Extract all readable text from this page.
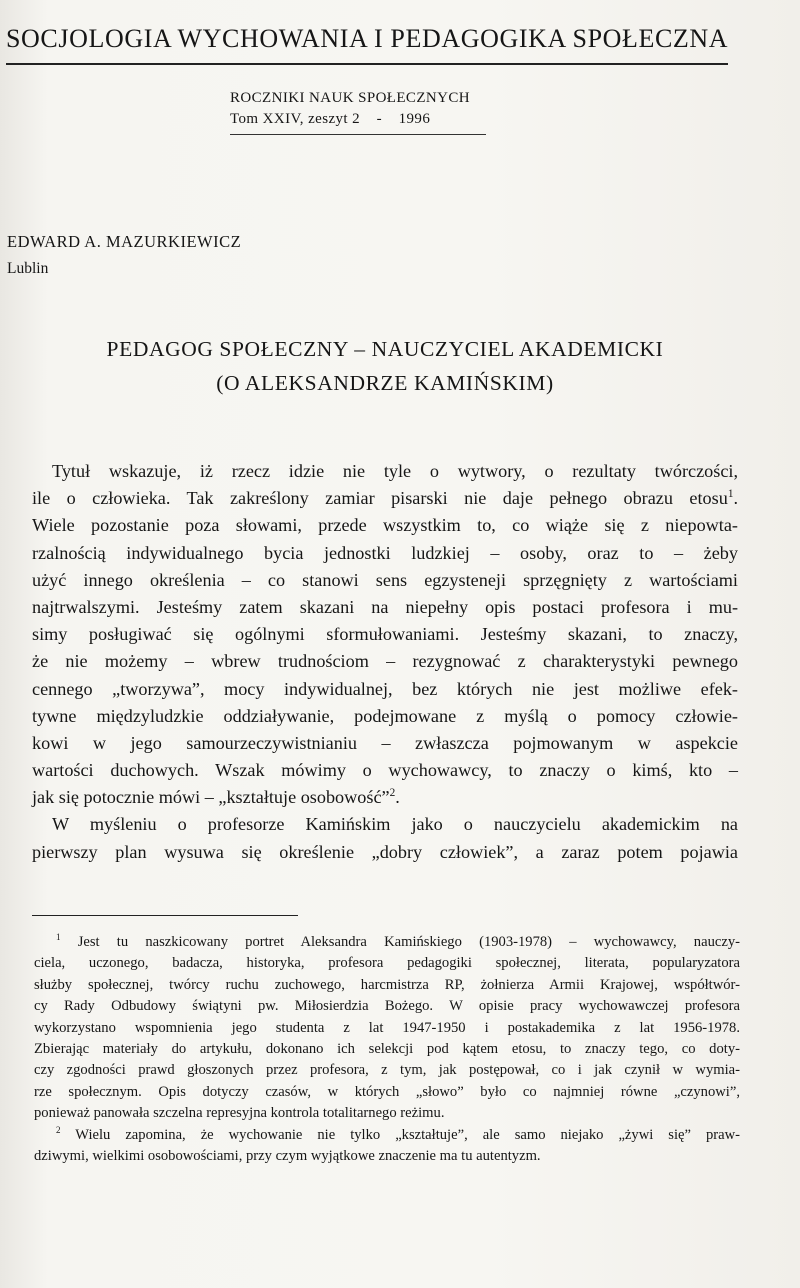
SOCJOLOGIA WYCHOWANIA I PEDAGOGIKA SPOŁECZNA
ROCZNIKI NAUK SPOŁECZNYCH
Tom XXIV, zeszyt 2    -    1996
EDWARD A. MAZURKIEWICZ
Lublin
PEDAGOG SPOŁECZNY – NAUCZYCIEL AKADEMICKI
(O ALEKSANDRZE KAMIŃSKIM)
Tytuł wskazuje, iż rzecz idzie nie tyle o wytwory, o rezultaty twórczości,
ile o człowieka. Tak zakreślony zamiar pisarski nie daje pełnego obrazu etosu$^1$.
Wiele pozostanie poza słowami, przede wszystkim to, co wiąże się z niepowta-
rzalnością indywidualnego bycia jednostki ludzkiej – osoby, oraz to – żeby
użyć innego określenia – co stanowi sens egzysteneji sprzęgnięty z wartościami
najtrwalszymi. Jesteśmy zatem skazani na niepełny opis postaci profesora i mu-
simy posługiwać się ogólnymi sformułowaniami. Jesteśmy skazani, to znaczy,
że nie możemy – wbrew trudnościom – rezygnować z charakterystyki pewnego
cennego „tworzywa”, mocy indywidualnej, bez których nie jest możliwe efek-
tywne międzyludzkie oddziaływanie, podejmowane z myślą o pomocy człowie-
kowi w jego samourzeczywistnianiu – zwłaszcza pojmowanym w aspekcie
wartości duchowych. Wszak mówimy o wychowawcy, to znaczy o kimś, kto –
jak się potocznie mówi – „kształtuje osobowość”$^2$.
W myśleniu o profesorze Kamińskim jako o nauczycielu akademickim na
pierwszy plan wysuwa się określenie „dobry człowiek”, a zaraz potem pojawia
$^1$ Jest tu naszkicowany portret Aleksandra Kamińskiego (1903-1978) – wychowawcy, nauczy-
ciela, uczonego, badacza, historyka, profesora pedagogiki społecznej, literata, popularyzatora
służby społecznej, twórcy ruchu zuchowego, harcmistrza RP, żołnierza Armii Krajowej, współtwór-
cy Rady Odbudowy świątyni pw. Miłosierdzia Bożego. W opisie pracy wychowawczej profesora
wykorzystano wspomnienia jego studenta z lat 1947-1950 i postakademika z lat 1956-1978.
Zbierając materiały do artykułu, dokonano ich selekcji pod kątem etosu, to znaczy tego, co doty-
czy zgodności prawd głoszonych przez profesora, z tym, jak postępował, co i jak czynił w wymia-
rze społecznym. Opis dotyczy czasów, w których „słowo” było co najmniej równe „czynowi”,
ponieważ panowała szczelna represyjna kontrola totalitarnego reżimu.
$^2$ Wielu zapomina, że wychowanie nie tylko „kształtuje”, ale samo niejako „żywi się” praw-
dziwymi, wielkimi osobowościami, przy czym wyjątkowe znaczenie ma tu autentyzm.
